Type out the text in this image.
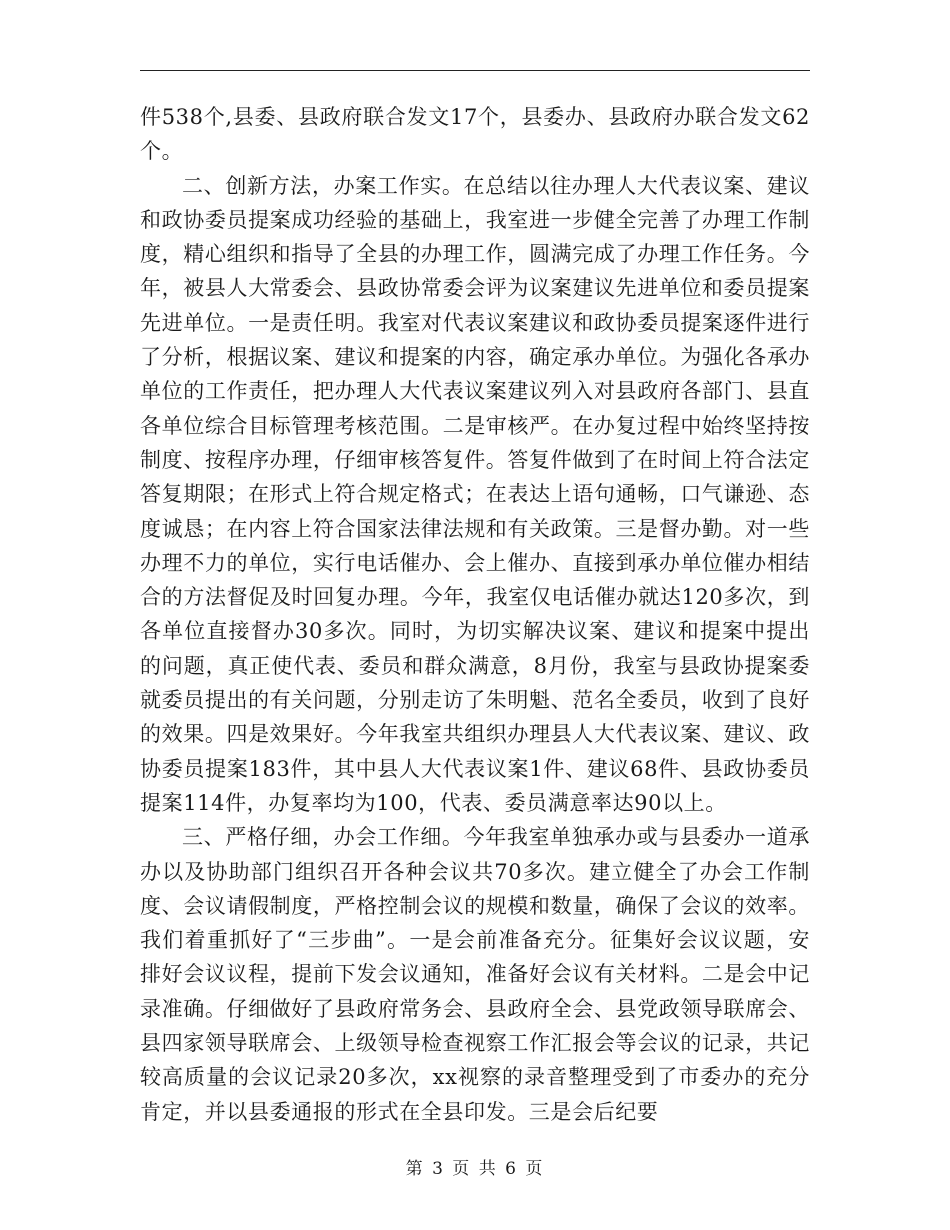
件538个,县委、县政府联合发文17个，县委办、县政府办联合发文62个。

二、创新方法，办案工作实。在总结以往办理人大代表议案、建议和政协委员提案成功经验的基础上，我室进一步健全完善了办理工作制度，精心组织和指导了全县的办理工作，圆满完成了办理工作任务。今年，被县人大常委会、县政协常委会评为议案建议先进单位和委员提案先进单位。一是责任明。我室对代表议案建议和政协委员提案逐件进行了分析，根据议案、建议和提案的内容，确定承办单位。为强化各承办单位的工作责任，把办理人大代表议案建议列入对县政府各部门、县直各单位综合目标管理考核范围。二是审核严。在办复过程中始终坚持按制度、按程序办理，仔细审核答复件。答复件做到了在时间上符合法定答复期限；在形式上符合规定格式；在表达上语句通畅，口气谦逊、态度诚恳；在内容上符合国家法律法规和有关政策。三是督办勤。对一些办理不力的单位，实行电话催办、会上催办、直接到承办单位催办相结合的方法督促及时回复办理。今年，我室仅电话催办就达120多次，到各单位直接督办30多次。同时，为切实解决议案、建议和提案中提出的问题，真正使代表、委员和群众满意，8月份，我室与县政协提案委就委员提出的有关问题，分别走访了朱明魁、范名全委员，收到了良好的效果。四是效果好。今年我室共组织办理县人大代表议案、建议、政协委员提案183件，其中县人大代表议案1件、建议68件、县政协委员提案114件，办复率均为100，代表、委员满意率达90以上。

三、严格仔细，办会工作细。今年我室单独承办或与县委办一道承办以及协助部门组织召开各种会议共70多次。建立健全了办会工作制度、会议请假制度，严格控制会议的规模和数量，确保了会议的效率。我们着重抓好了“三步曲”。一是会前准备充分。征集好会议议题，安排好会议议程，提前下发会议通知，准备好会议有关材料。二是会中记录准确。仔细做好了县政府常务会、县政府全会、县党政领导联席会、县四家领导联席会、上级领导检查视察工作汇报会等会议的记录，共记较高质量的会议记录20多次，xx视察的录音整理受到了市委办的充分肯定，并以县委通报的形式在全县印发。三是会后纪要

第 3 页 共 6 页
